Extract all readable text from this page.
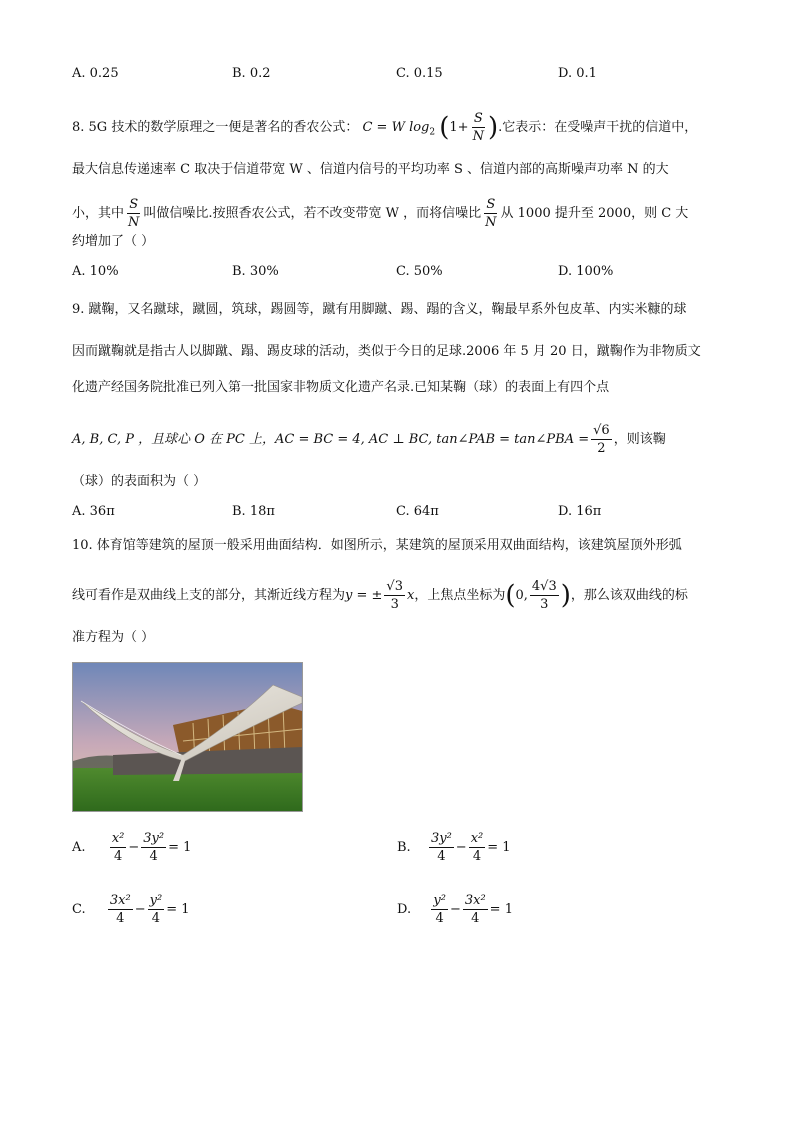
A. 0.25	B. 0.2	C. 0.15	D. 0.1
8. 5G 技术的数学原理之一便是著名的香农公式： C = W $\log_2 (1+ \frac{S}{N}$ ).它表示：在受噪声干扰的信道中，
最大信息传递速率 C 取决于信道带宽 W 、信道内信号的平均功率 S 、信道内部的高斯噪声功率 N 的大
小，其中 $\frac{S}{N}$ 叫做信噪比.按照香农公式，若不改变带宽 W ，而将信噪比 $\frac{S}{N}$ 从 1000 提升至 2000，则 C 大
约增加了（ ）
A. 10%	B. 30%	C. 50%	D. 100%
9. 蹴鞠，又名蹴球，蹴圆，筑球，踢圆等，蹴有用脚蹴、踢、蹋的含义，鞠最早系外包皮革、内实米糠的球
因而蹴鞠就是指古人以脚蹴、蹋、踢皮球的活动，类似于今日的足球.2006 年 5 月 20 日，蹴鞠作为非物质文
化遗产经国务院批准已列入第一批国家非物质文化遗产名录.已知某鞠（球）的表面上有四个点
A, B, C, P ，且球心 O 在 PC 上，AC = BC = 4, AC ⊥ BC, tan∠PAB = tan∠PBA = $\frac{√6}{2}$ ，则该鞠
（球）的表面积为（ ）
A. 36π	B. 18π	C. 64π	D. 16π
10. 体育馆等建筑的屋顶一般采用曲面结构．如图所示，某建筑的屋顶采用双曲面结构，该建筑屋顶外形弧
线可看作是双曲线上支的部分，其渐近线方程为y = ± $\frac{√3}{3}$ x，上焦点坐标为(0, $\frac{4√3}{3}$ )，那么该双曲线的标
准方程为（ ）
A. $\frac{\text{x²}}{4} - \frac{\text{3y²}}{4} = 1$	B. $\frac{\text{3y²}}{4} - \frac{\text{x²}}{4} = 1$
C. $\frac{\text{3x²}}{4} - \frac{\text{y²}}{4} = 1$	D. $\frac{\text{y²}}{4} - \frac{\text{3x²}}{4} = 1$
